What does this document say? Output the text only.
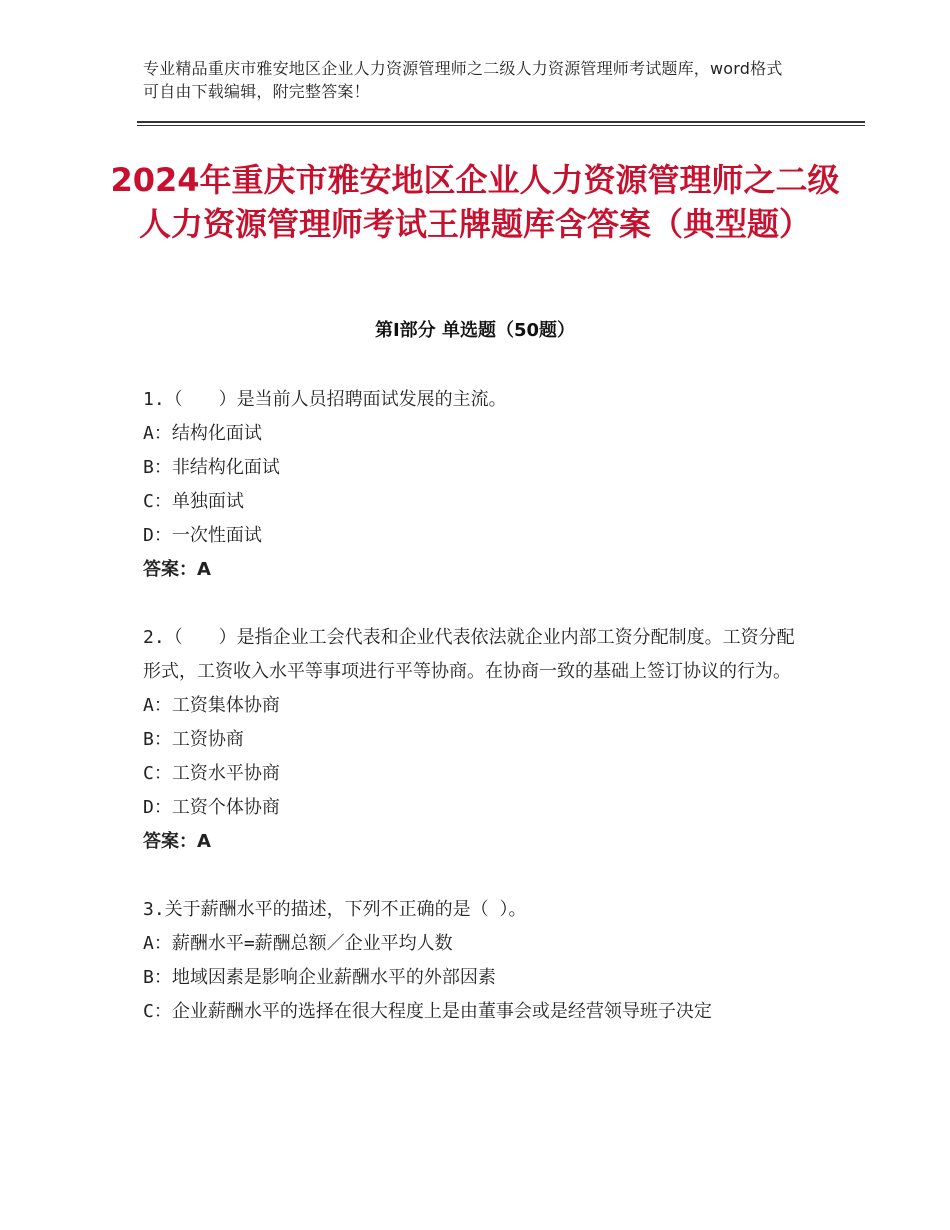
专业精品重庆市雅安地区企业人力资源管理师之二级人力资源管理师考试题库，word格式可自由下载编辑，附完整答案！
2024年重庆市雅安地区企业人力资源管理师之二级人力资源管理师考试王牌题库含答案（典型题）
第Ⅰ部分 单选题（50题）

1.（　　）是当前人员招聘面试发展的主流。

A：结构化面试

B：非结构化面试

C：单独面试

D：一次性面试

答案：A

2.（　　）是指企业工会代表和企业代表依法就企业内部工资分配制度。工资分配形式，工资收入水平等事项进行平等协商。在协商一致的基础上签订协议的行为。

A：工资集体协商

B：工资协商

C：工资水平协商

D：工资个体协商

答案：A

3.关于薪酬水平的描述，下列不正确的是（ ）。

A：薪酬水平=薪酬总额／企业平均人数

B：地域因素是影响企业薪酬水平的外部因素

C：企业薪酬水平的选择在很大程度上是由董事会或是经营领导班子决定
